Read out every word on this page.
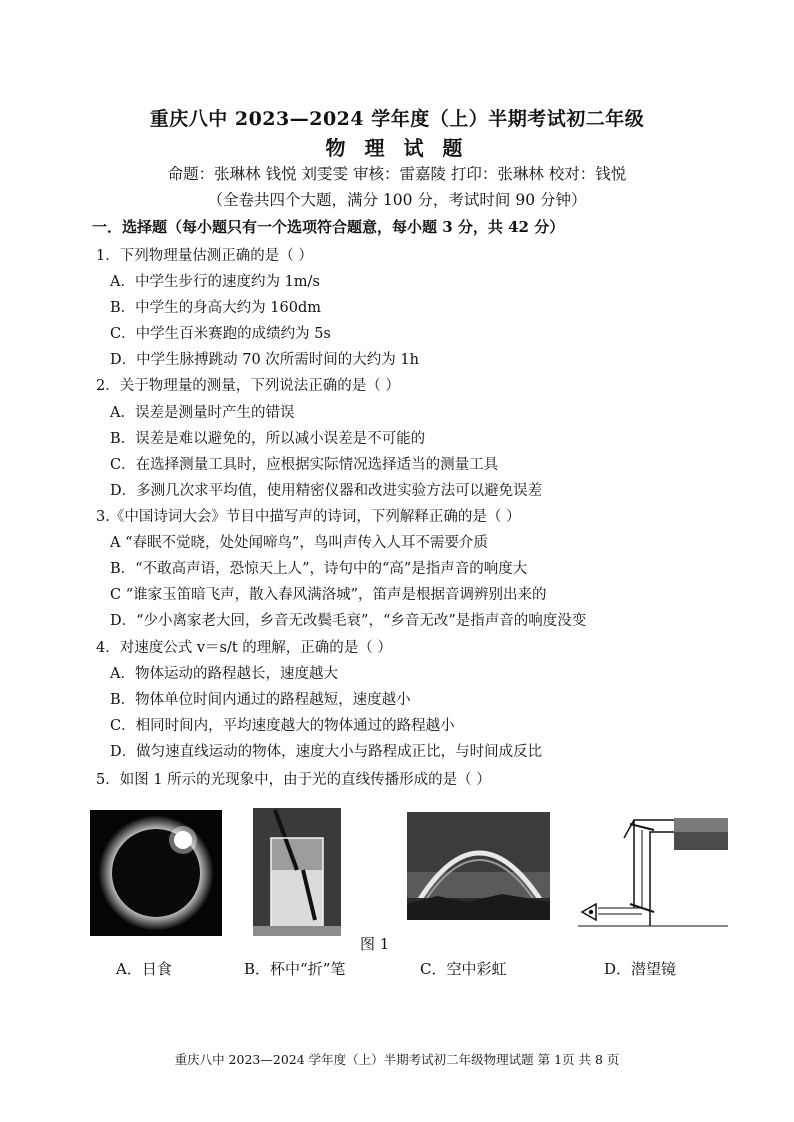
重庆八中 2023—2024 学年度（上）半期考试初二年级
物 理 试 题
命题：张琳林 钱悦 刘雯雯 审核：雷嘉陵 打印：张琳林 校对：钱悦
（全卷共四个大题，满分 100 分，考试时间 90 分钟）
一．选择题（每小题只有一个选项符合题意，每小题 3 分，共 42 分）
1．下列物理量估测正确的是（ ）
A．中学生步行的速度约为 1m/s
B．中学生的身高大约为 160dm
C．中学生百米赛跑的成绩约为 5s
D．中学生脉搏跳动 70 次所需时间的大约为 1h
2．关于物理量的测量，下列说法正确的是（ ）
A．误差是测量时产生的错误
B．误差是难以避免的，所以减小误差是不可能的
C．在选择测量工具时，应根据实际情况选择适当的测量工具
D．多测几次求平均值，使用精密仪器和改进实验方法可以避免误差
3.《中国诗词大会》节目中描写声的诗词，下列解释正确的是（ ）
A “春眠不觉晓，处处闻啼鸟”，鸟叫声传入人耳不需要介质
B．“不敢高声语，恐惊天上人”，诗句中的“高”是指声音的响度大
C “谁家玉笛暗飞声，散入春风满洛城”，笛声是根据音调辨别出来的
D．“少小离家老大回，乡音无改鬓毛衰”，“乡音无改”是指声音的响度没变
4．对速度公式 v＝s/t 的理解，正确的是（ ）
A．物体运动的路程越长，速度越大
B．物体单位时间内通过的路程越短，速度越小
C．相同时间内，平均速度越大的物体通过的路程越小
D．做匀速直线运动的物体，速度大小与路程成正比，与时间成反比
5．如图 1 所示的光现象中，由于光的直线传播形成的是（ ）
图 1
A．日食	B．杯中“折”笔	C．空中彩虹	D．潜望镜
重庆八中 2023—2024 学年度（上）半期考试初二年级物理试题 第 1页 共 8 页
